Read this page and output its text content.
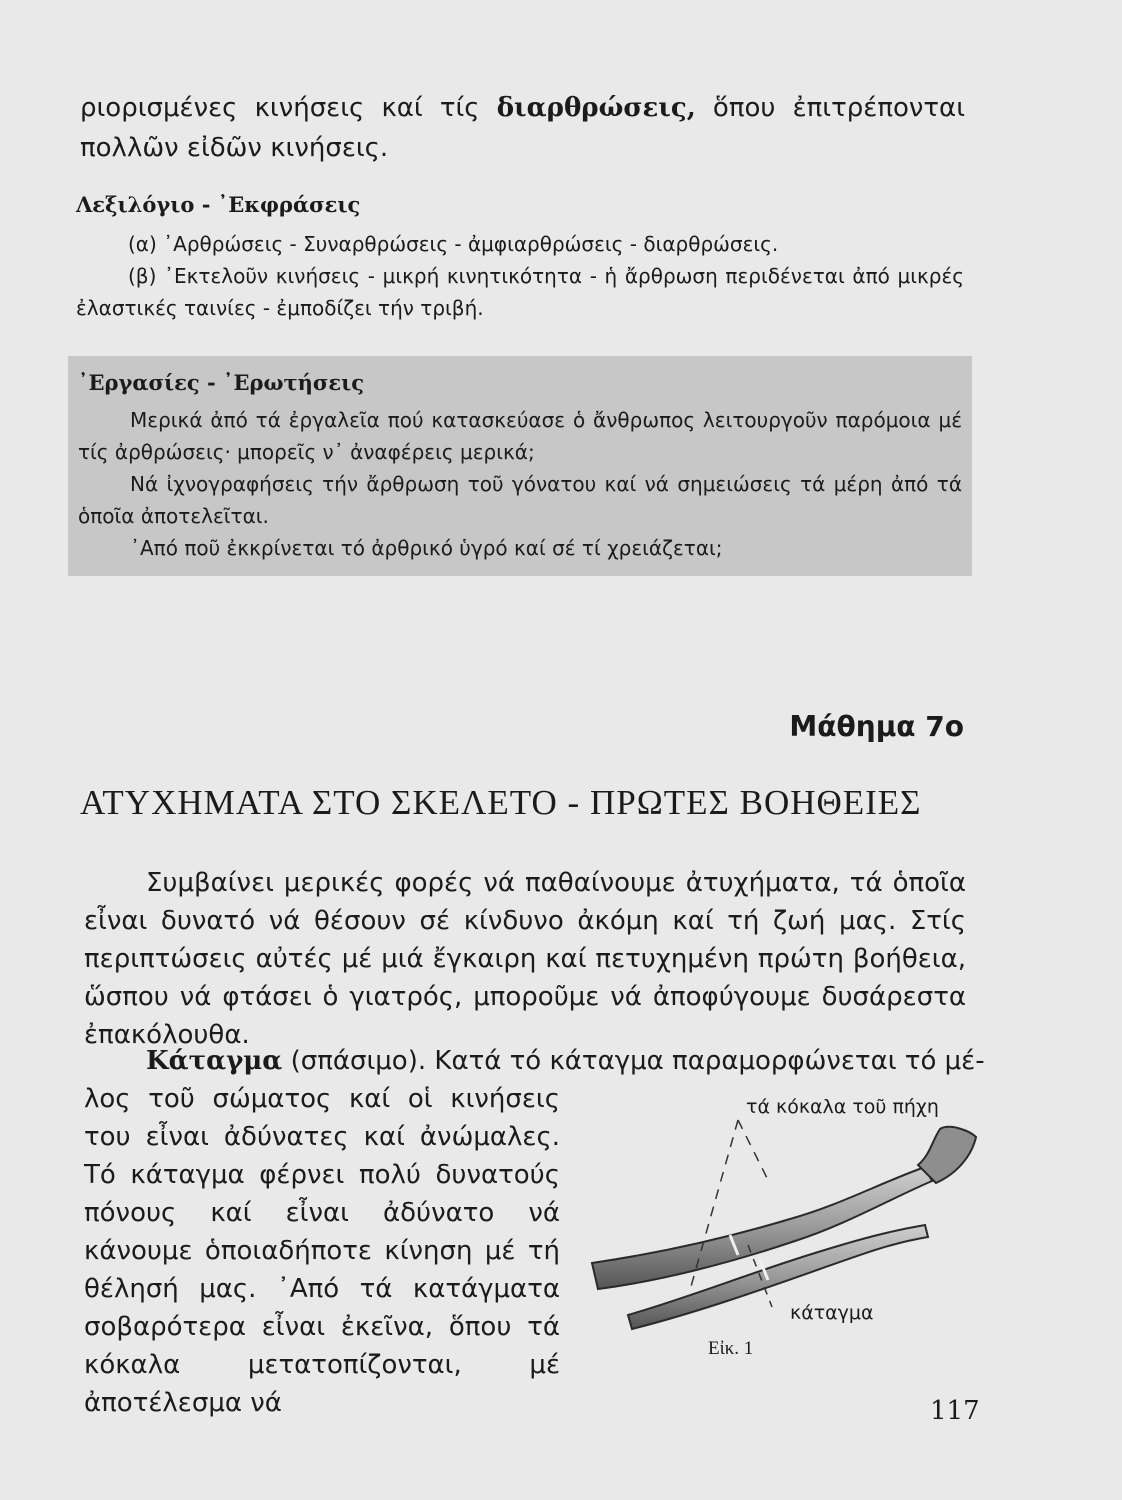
ριορισμένες κινήσεις καί τίς διαρθρώσεις, ὅπου ἐπιτρέπονται πολλῶν εἰδῶν κινήσεις.
Λεξιλόγιο - ᾽Εκφράσεις

(α) ᾽Αρθρώσεις - Συναρθρώσεις - ἀμφιαρθρώσεις - διαρθρώσεις.

(β) ᾽Εκτελοῦν κινήσεις - μικρή κινητικότητα - ἡ ἄρθρωση περιδένεται ἀπό μικρές ἐλαστικές ταινίες - ἐμποδίζει τήν τριβή.

᾽Εργασίες - ᾽Ερωτήσεις

Μερικά ἀπό τά ἐργαλεῖα πού κατασκεύασε ὁ ἄνθρωπος λειτουργοῦν παρόμοια μέ τίς ἀρθρώσεις· μπορεῖς ν᾽ ἀναφέρεις μερικά;

Νά ἰχνογραφήσεις τήν ἄρθρωση τοῦ γόνατου καί νά σημειώσεις τά μέρη ἀπό τά ὁποῖα ἀποτελεῖται.

᾽Από ποῦ ἐκκρίνεται τό ἀρθρικό ὑγρό καί σέ τί χρειάζεται;

Μάθημα 7ο
ΑΤΥΧΗΜΑΤΑ ΣΤΟ ΣΚΕΛΕΤΟ - ΠΡΩΤΕΣ ΒΟΗΘΕΙΕΣ

Συμβαίνει μερικές φορές νά παθαίνουμε ἀτυχήματα, τά ὁποῖα εἶναι δυνατό νά θέσουν σέ κίνδυνο ἀκόμη καί τή ζωή μας. Στίς περιπτώσεις αὐτές μέ μιά ἔγκαιρη καί πετυχημένη πρώτη βοήθεια, ὥσπου νά φτάσει ὁ γιατρός, μποροῦμε νά ἀποφύγουμε δυσάρεστα ἐπακόλουθα.

Κάταγμα (σπάσιμο). Κατά τό κάταγμα παραμορφώνεται τό μέ-
λος τοῦ σώματος καί οἱ κινήσεις του εἶναι ἀδύνατες καί ἀνώμαλες. Τό κάταγμα φέρνει πολύ δυνατούς πόνους καί εἶναι ἀδύνατο νά κάνουμε ὁποιαδήποτε κίνηση μέ τή θέλησή μας. ᾽Από τά κατάγματα σοβαρότερα εἶναι ἐκεῖνα, ὅπου τά κόκαλα μετατοπίζονται, μέ ἀποτέλεσμα νά
τά κόκαλα τοῦ πήχη
κάταγμα
Εἰκ. 1
117
